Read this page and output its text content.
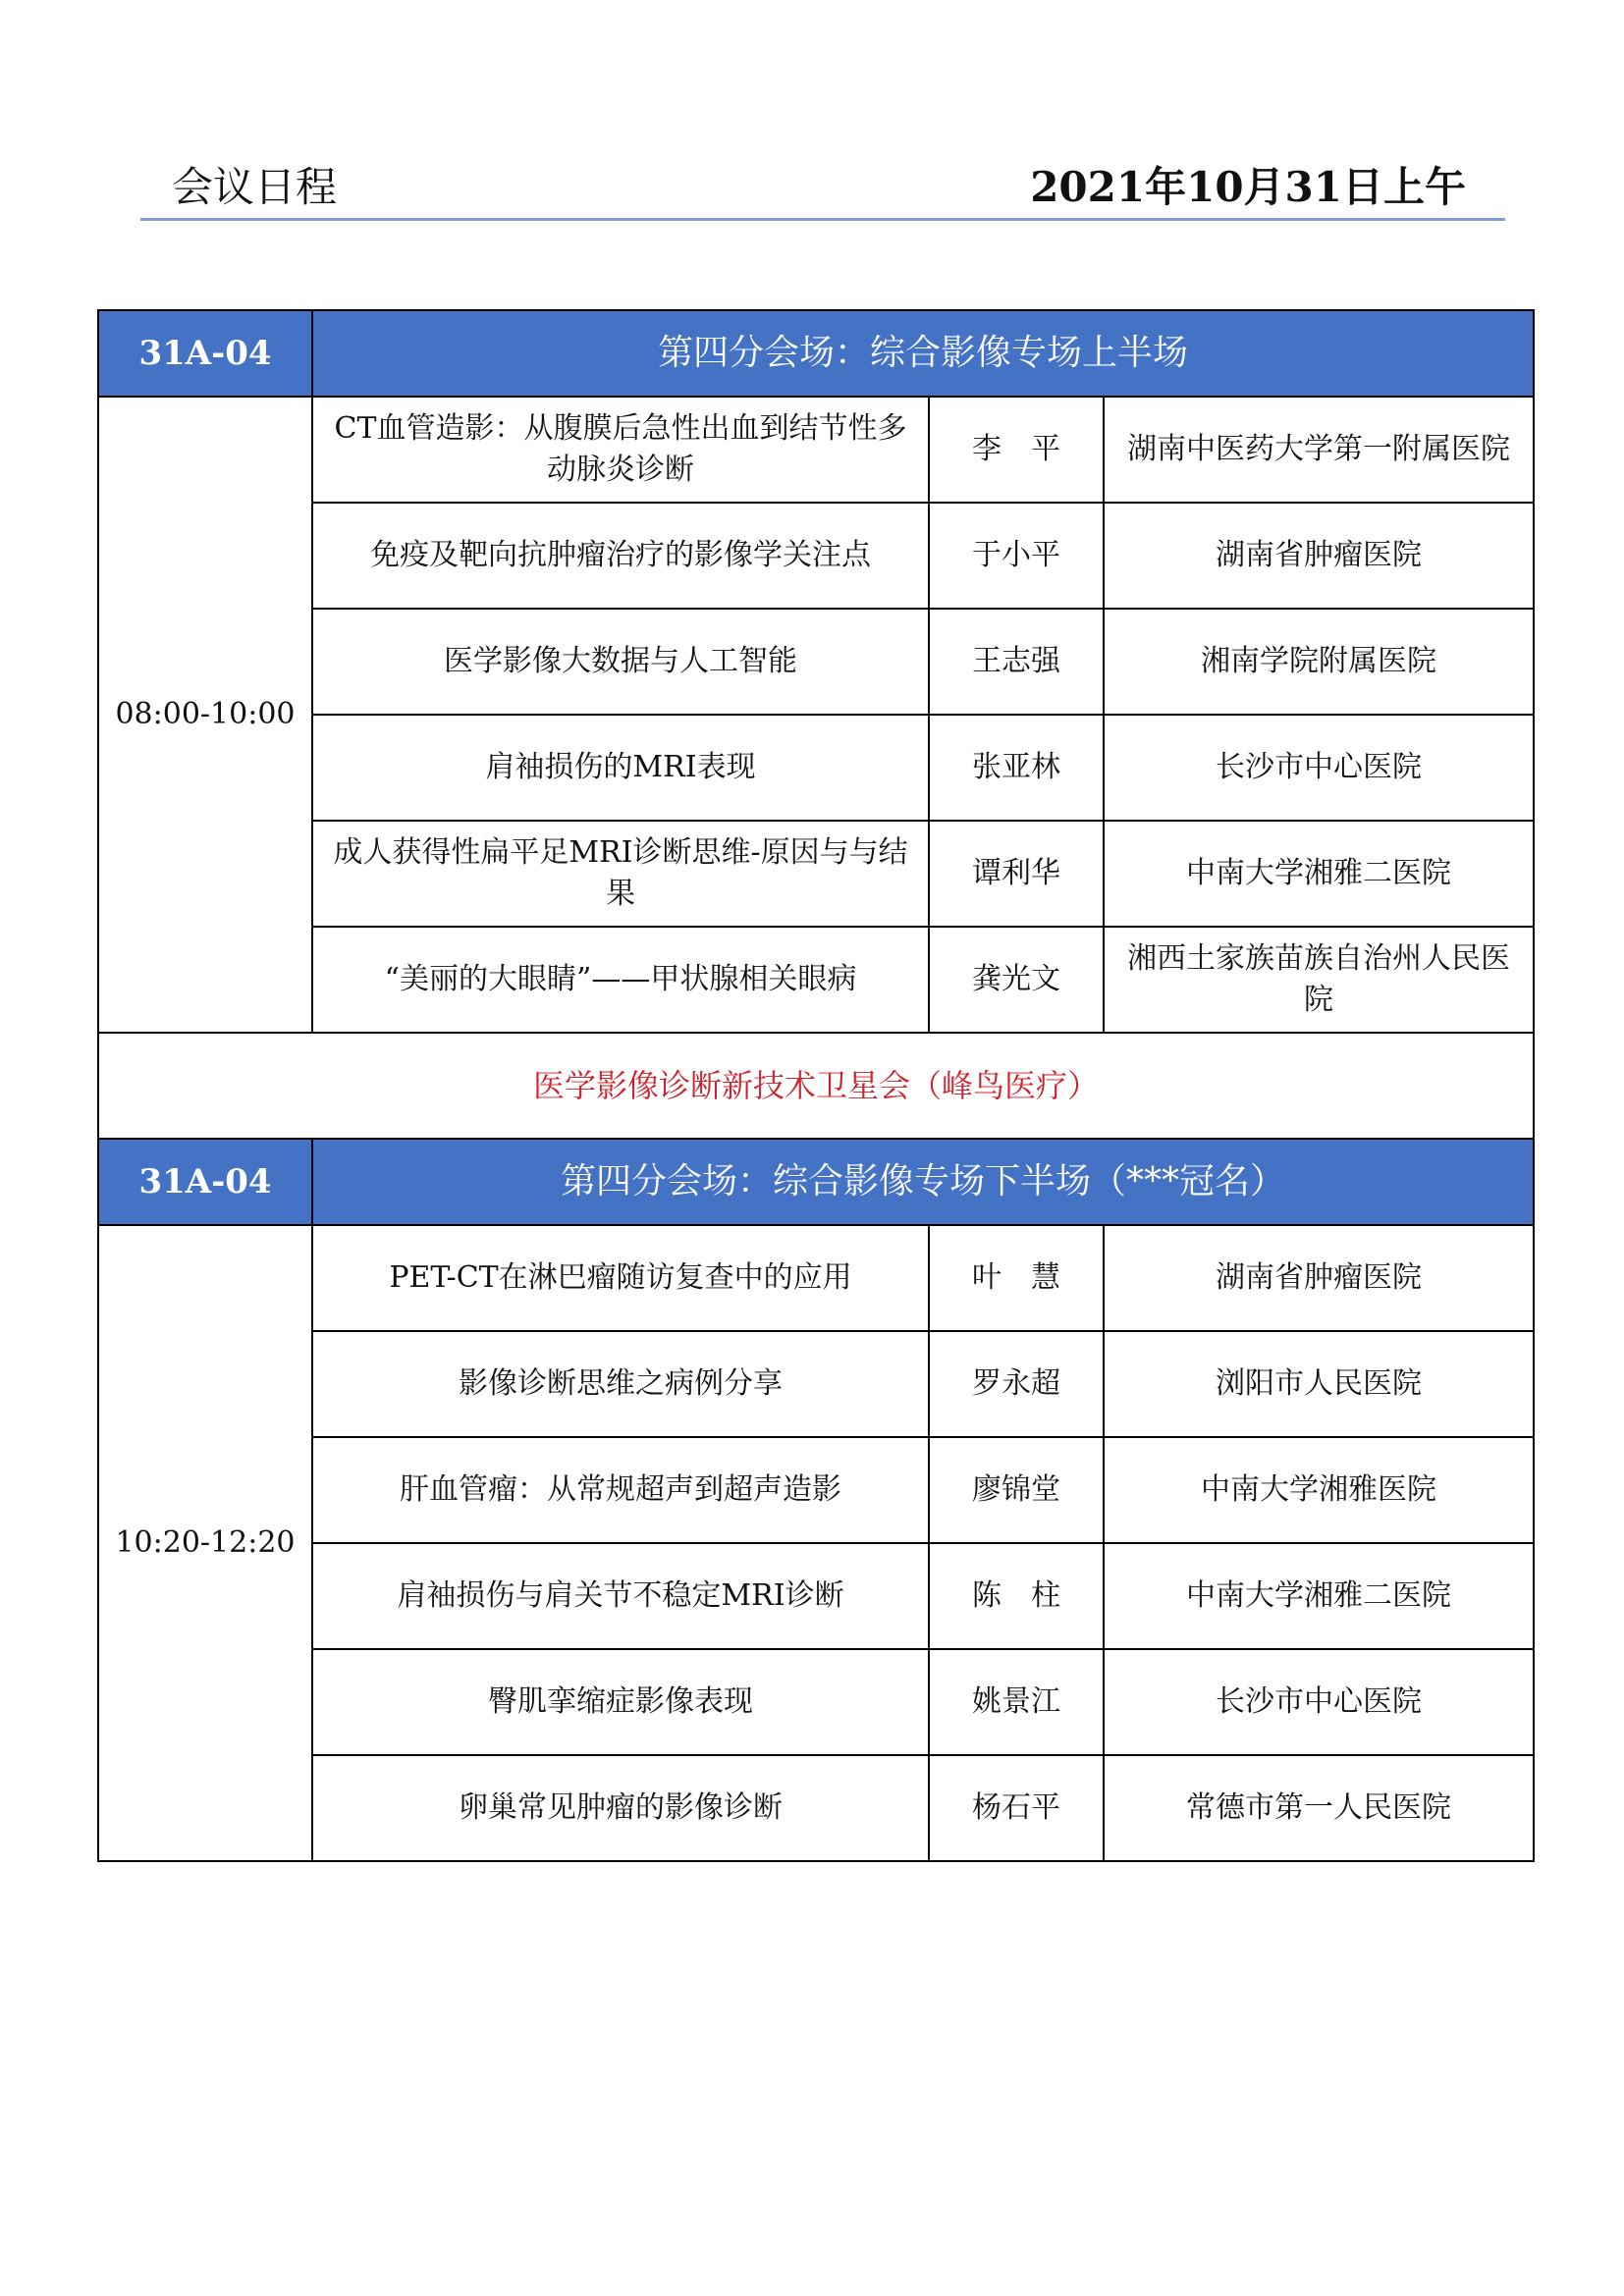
会议日程	2021年10月31日上午
31A-04	第四分会场：综合影像专场上半场		
08:00-10:00	CT血管造影：从腹膜后急性出血到结节性多动脉炎诊断	李　平	湖南中医药大学第一附属医院
	免疫及靶向抗肿瘤治疗的影像学关注点	于小平	湖南省肿瘤医院
	医学影像大数据与人工智能	王志强	湘南学院附属医院
	肩袖损伤的MRI表现	张亚林	长沙市中心医院
	成人获得性扁平足MRI诊断思维-原因与与结果	谭利华	中南大学湘雅二医院
	“美丽的大眼睛”——甲状腺相关眼病	龚光文	湘西土家族苗族自治州人民医院
医学影像诊断新技术卫星会（峰鸟医疗）			
31A-04	第四分会场：综合影像专场下半场（***冠名）		
10:20-12:20	PET-CT在淋巴瘤随访复查中的应用	叶　慧	湖南省肿瘤医院
	影像诊断思维之病例分享	罗永超	浏阳市人民医院
	肝血管瘤：从常规超声到超声造影	廖锦堂	中南大学湘雅医院
	肩袖损伤与肩关节不稳定MRI诊断	陈　柱	中南大学湘雅二医院
	臀肌挛缩症影像表现	姚景江	长沙市中心医院
	卵巢常见肿瘤的影像诊断	杨石平	常德市第一人民医院
